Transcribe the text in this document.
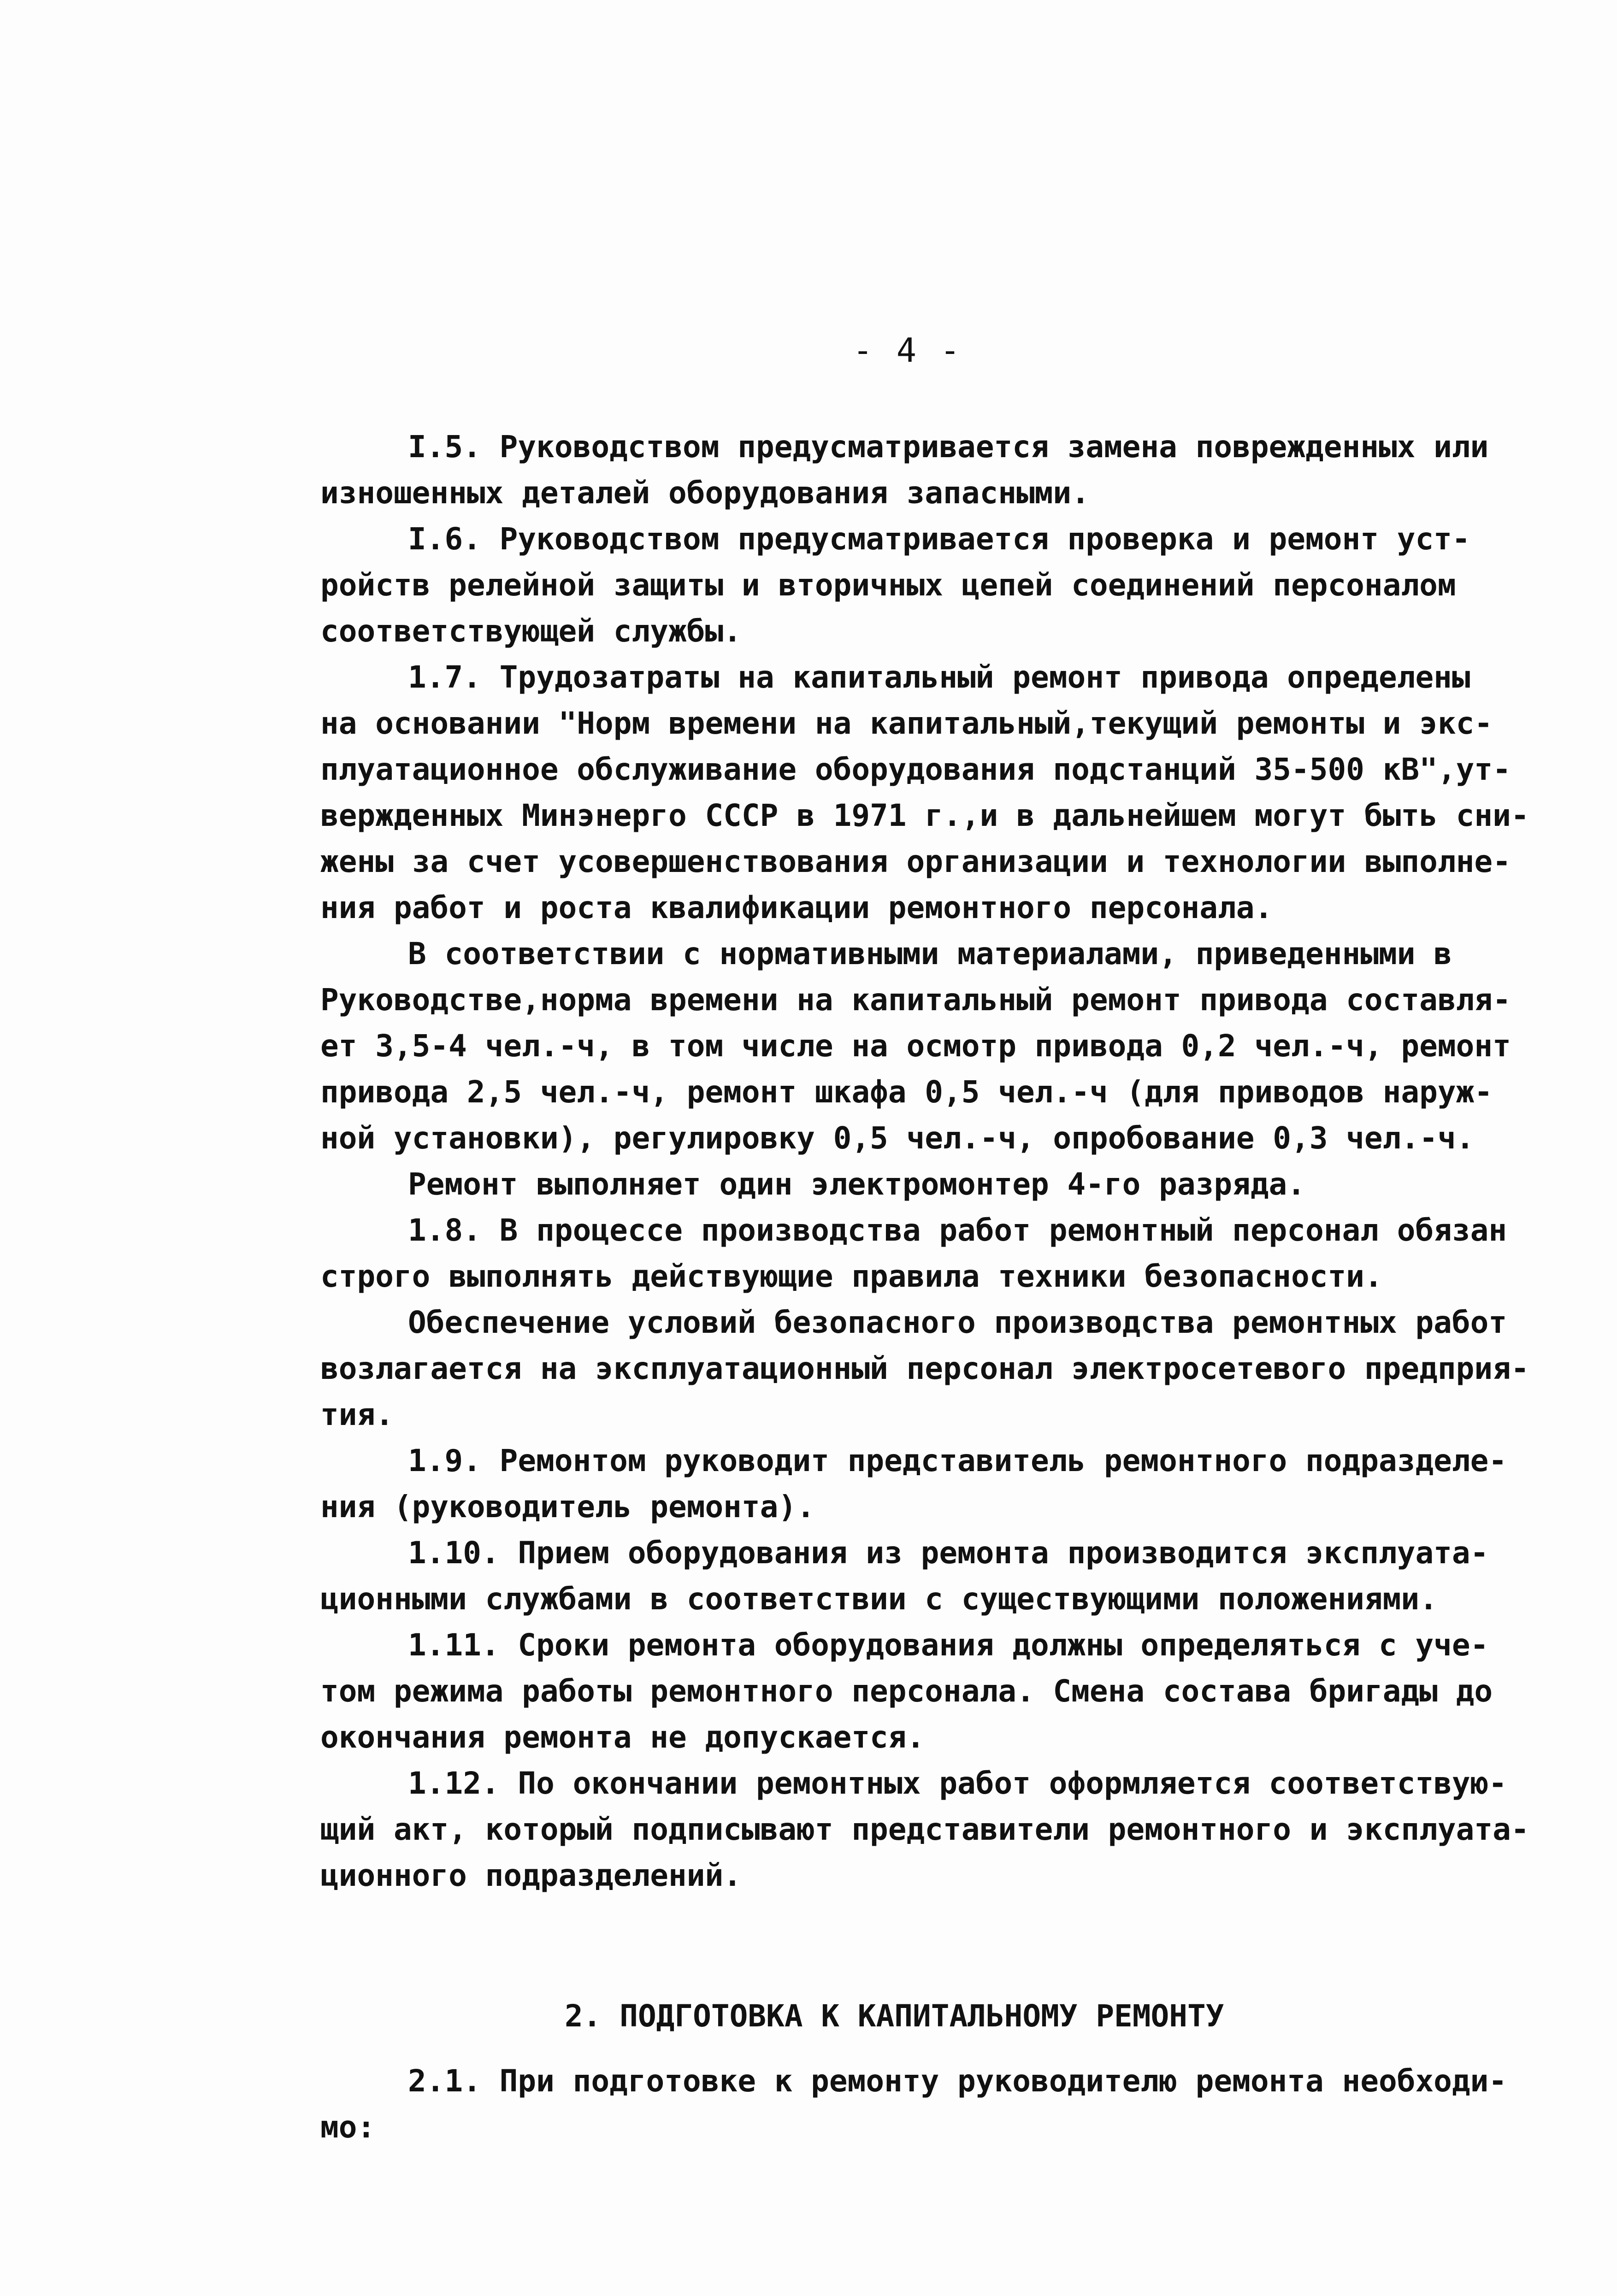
- 4 -
I.5. Руководством предусматривается замена поврежденных или
изношенных деталей оборудования запасными.
I.6. Руководством предусматривается проверка и ремонт уст-
ройств релейной защиты и вторичных цепей соединений персоналом
соответствующей службы.
1.7. Трудозатраты на капитальный ремонт привода определены
на основании "Норм времени на капитальный,текущий ремонты и экс-
плуатационное обслуживание оборудования подстанций 35-500 кВ",ут-
вержденных Минэнерго СССР в 1971 г.,и в дальнейшем могут быть сни-
жены за счет усовершенствования организации и технологии выполне-
ния работ и роста квалификации ремонтного персонала.
В соответствии с нормативными материалами, приведенными в
Руководстве,норма времени на капитальный ремонт привода составля-
ет 3,5-4 чел.-ч, в том числе на осмотр привода 0,2 чел.-ч, ремонт
привода 2,5 чел.-ч, ремонт шкафа 0,5 чел.-ч (для приводов наруж-
ной установки), регулировку 0,5 чел.-ч, опробование 0,3 чел.-ч.
Ремонт выполняет один электромонтер 4-го разряда.
1.8. В процессе производства работ ремонтный персонал обязан
строго выполнять действующие правила техники безопасности.
Обеспечение условий безопасного производства ремонтных работ
возлагается на эксплуатационный персонал электросетевого предприя-
тия.
1.9. Ремонтом руководит представитель ремонтного подразделе-
ния (руководитель ремонта).
1.10. Прием оборудования из ремонта производится эксплуата-
ционными службами в соответствии с существующими положениями.
1.11. Сроки ремонта оборудования должны определяться с уче-
том режима работы ремонтного персонала. Смена состава бригады до
окончания ремонта не допускается.
1.12. По окончании ремонтных работ оформляется соответствую-
щий акт, который подписывают представители ремонтного и эксплуата-
ционного подразделений.
2. ПОДГОТОВКА К КАПИТАЛЬНОМУ РЕМОНТУ
2.1. При подготовке к ремонту руководителю ремонта необходи-
мо:
